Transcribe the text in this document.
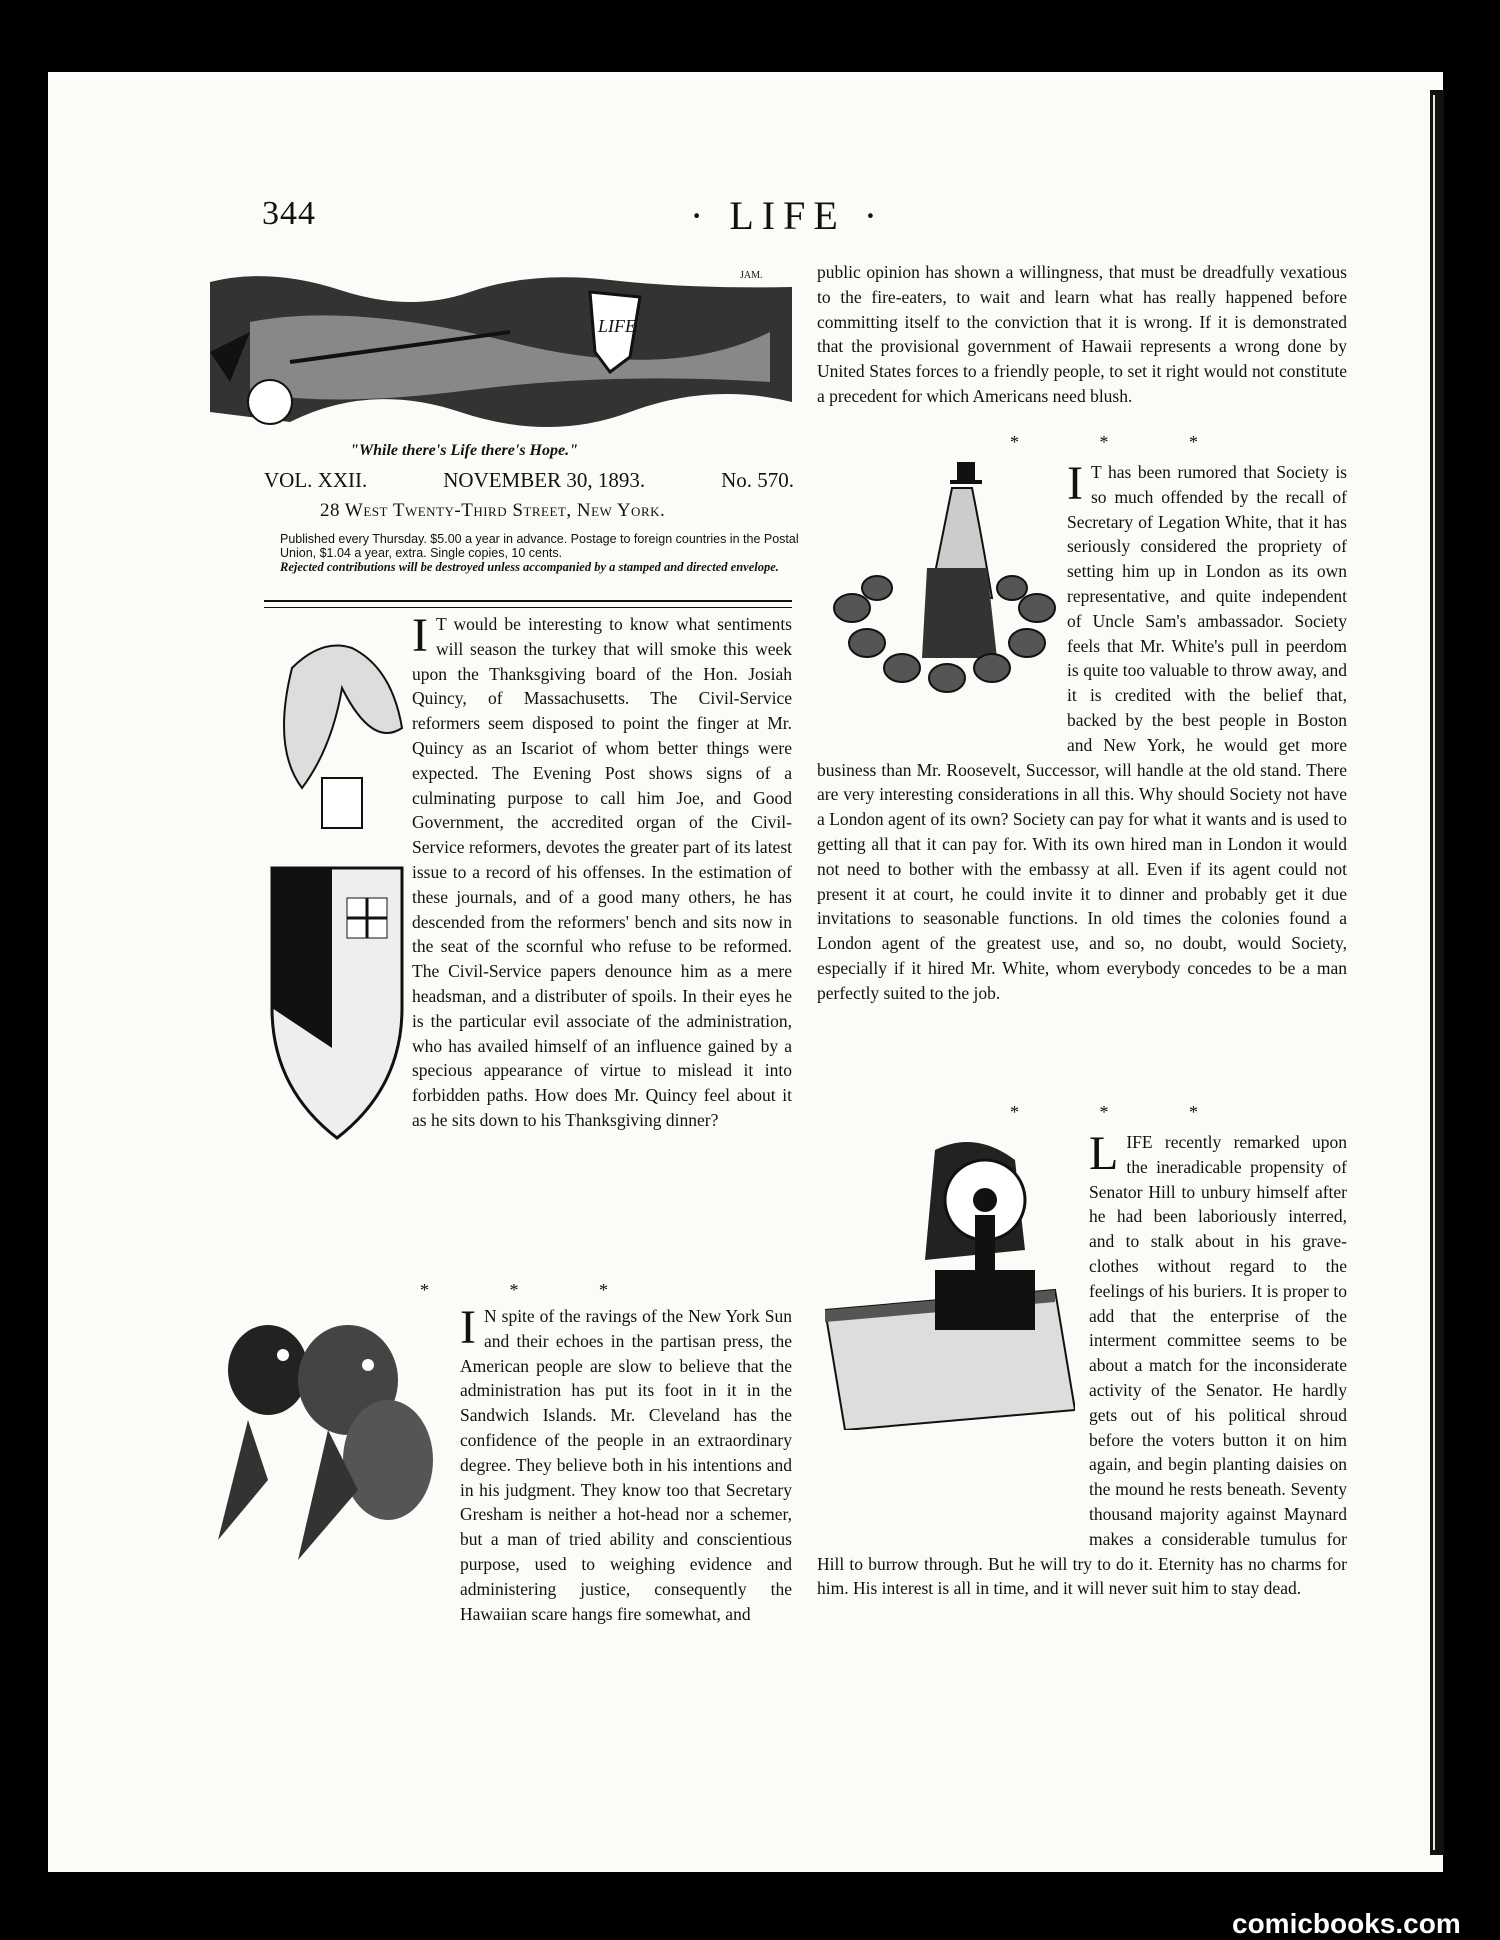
344	· LIFE ·
LIFE
JAM.
"While there's Life there's Hope."
VOL. XXII.	NOVEMBER 30, 1893.	No. 570.
28 West Twenty-Third Street, New York.
Published every Thursday. $5.00 a year in advance. Postage to foreign countries in the Postal Union, $1.04 a year, extra. Single copies, 10 cents.
Rejected contributions will be destroyed unless accompanied by a stamped and directed envelope.

I T would be interesting to know what sentiments will season the turkey that will smoke this week upon the Thanksgiving board of the Hon. Josiah Quincy, of Massachusetts. The Civil-Service reformers seem disposed to point the finger at Mr. Quincy as an Iscariot of whom better things were expected. The Evening Post shows signs of a culminating purpose to call him Joe, and Good Government, the accredited organ of the Civil-Service reformers, devotes the greater part of its latest issue to a record of his offenses. In the estimation of these journals, and of a good many others, he has descended from the reformers' bench and sits now in the seat of the scornful who refuse to be reformed. The Civil-Service papers denounce him as a mere headsman, and a distributer of spoils. In their eyes he is the particular evil associate of the administration, who has availed himself of an influence gained by a specious appearance of virtue to mislead it into forbidden paths. How does Mr. Quincy feel about it as he sits down to his Thanksgiving dinner?

* * *

I N spite of the ravings of the New York Sun and their echoes in the partisan press, the American people are slow to believe that the administration has put its foot in it in the Sandwich Islands. Mr. Cleveland has the confidence of the people in an extraordinary degree. They believe both in his intentions and in his judgment. They know too that Secretary Gresham is neither a hot-head nor a schemer, but a man of tried ability and conscientious purpose, used to weighing evidence and administering justice, consequently the Hawaiian scare hangs fire somewhat, and

public opinion has shown a willingness, that must be dreadfully vexatious to the fire-eaters, to wait and learn what has really happened before committing itself to the conviction that it is wrong. If it is demonstrated that the provisional government of Hawaii represents a wrong done by United States forces to a friendly people, to set it right would not constitute a precedent for which Americans need blush.
* * *

I T has been rumored that Society is so much offended by the recall of Secretary of Legation White, that it has seriously considered the propriety of setting him up in London as its own representative, and quite independent of Uncle Sam's ambassador. Society feels that Mr. White's pull in peerdom is quite too valuable to throw away, and it is credited with the belief that, backed by the best people in Boston and New York, he would get more business than Mr. Roosevelt, Successor, will handle at the old stand. There are very interesting considerations in all this. Why should Society not have a London agent of its own? Society can pay for what it wants and is used to getting all that it can pay for. With its own hired man in London it would not need to bother with the embassy at all. Even if its agent could not present it at court, he could invite it to dinner and probably get it due invitations to seasonable functions. In old times the colonies found a London agent of the greatest use, and so, no doubt, would Society, especially if it hired Mr. White, whom everybody concedes to be a man perfectly suited to the job.

* * *

LIFE recently remarked upon the ineradicable propensity of Senator Hill to unbury himself after he had been laboriously interred, and to stalk about in his grave-clothes without regard to the feelings of his buriers. It is proper to add that the enterprise of the interment committee seems to be about a match for the inconsiderate activity of the Senator. He hardly gets out of his political shroud before the voters button it on him again, and begin planting daisies on the mound he rests beneath. Seventy thousand majority against Maynard makes a considerable tumulus for Hill to burrow through. But he will try to do it. Eternity has no charms for him. His interest is all in time, and it will never suit him to stay dead.

comicbooks.com
